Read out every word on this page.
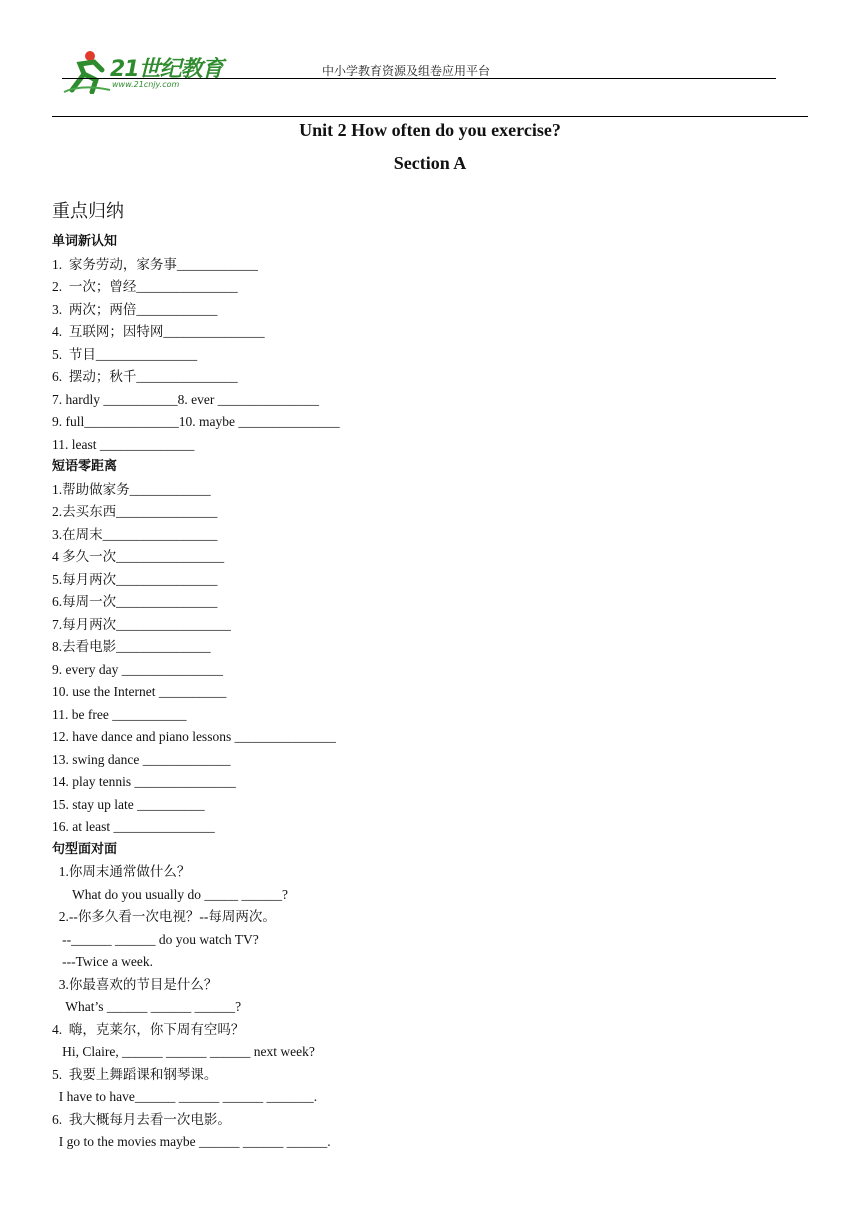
21世纪教育
www.21cnjy.com
中小学教育资源及组卷应用平台
Unit 2 How often do you exercise?
Section A
重点归纳
单词新认知
1.  家务劳动，家务事____________
2.  一次；曾经_______________
3.  两次；两倍____________
4.  互联网；因特网_______________
5.  节目_______________
6.  摆动；秋千_______________
7. hardly ___________8. ever _______________
9. full______________10. maybe _______________
11. least ______________
短语零距离
1.帮助做家务____________
2.去买东西_______________
3.在周末_________________
4 多久一次________________
5.每月两次_______________
6.每周一次_______________
7.每月两次_________________
8.去看电影______________
9. every day _______________
10. use the Internet __________
11. be free ___________
12. have dance and piano lessons _______________
13. swing dance _____________
14. play tennis _______________
15. stay up late __________
16. at least _______________
句型面对面
1.你周末通常做什么？
What do you usually do _____ ______?
2.--你多久看一次电视？--每周两次。
--______ ______ do you watch TV?
---Twice a week.
3.你最喜欢的节目是什么？
What’s ______ ______ ______?
4.  嗨，克莱尔，你下周有空吗？
Hi, Claire, ______ ______ ______ next week?
5.  我要上舞蹈课和钢琴课。
I have to have______ ______ ______ _______.
6.  我大概每月去看一次电影。
I go to the movies maybe ______ ______ ______.
